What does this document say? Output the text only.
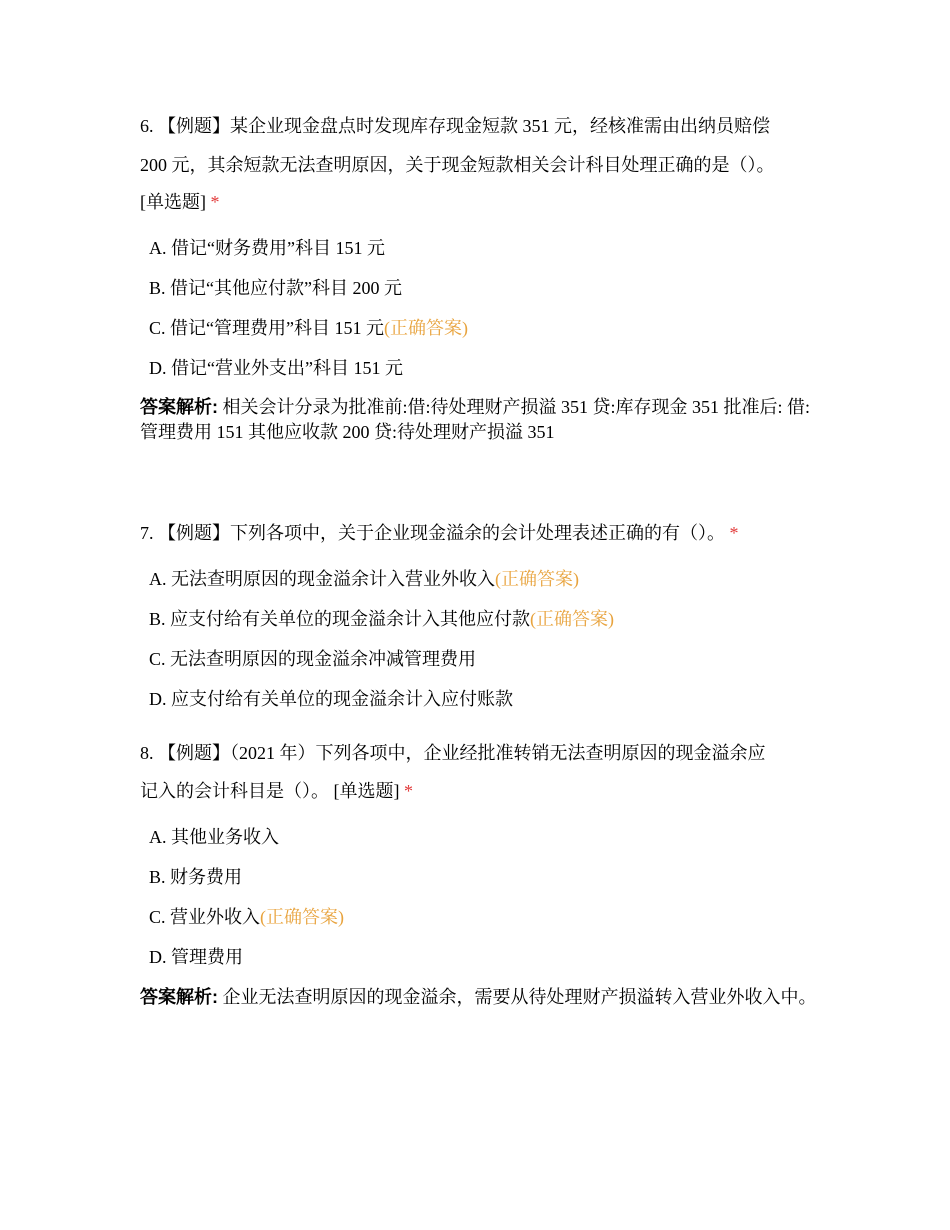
6. 【例题】某企业现金盘点时发现库存现金短款 351 元，经核准需由出纳员赔偿
200 元，其余短款无法查明原因，关于现金短款相关会计科目处理正确的是（）。
[单选题] *
A. 借记“财务费用”科目 151 元
B. 借记“其他应付款”科目 200 元
C. 借记“管理费用”科目 151 元(正确答案)
D. 借记“营业外支出”科目 151 元
答案解析: 相关会计分录为批准前:借:待处理财产损溢 351 贷:库存现金 351 批准后: 借:管理费用 151 其他应收款 200 贷:待处理财产损溢 351
7. 【例题】下列各项中，关于企业现金溢余的会计处理表述正确的有（）。 *
A. 无法查明原因的现金溢余计入营业外收入(正确答案)
B. 应支付给有关单位的现金溢余计入其他应付款(正确答案)
C. 无法查明原因的现金溢余冲减管理费用
D. 应支付给有关单位的现金溢余计入应付账款
8. 【例题】（2021 年）下列各项中，企业经批准转销无法查明原因的现金溢余应
记入的会计科目是（）。 [单选题] *
A. 其他业务收入
B. 财务费用
C. 营业外收入(正确答案)
D. 管理费用
答案解析: 企业无法查明原因的现金溢余，需要从待处理财产损溢转入营业外收入中。
